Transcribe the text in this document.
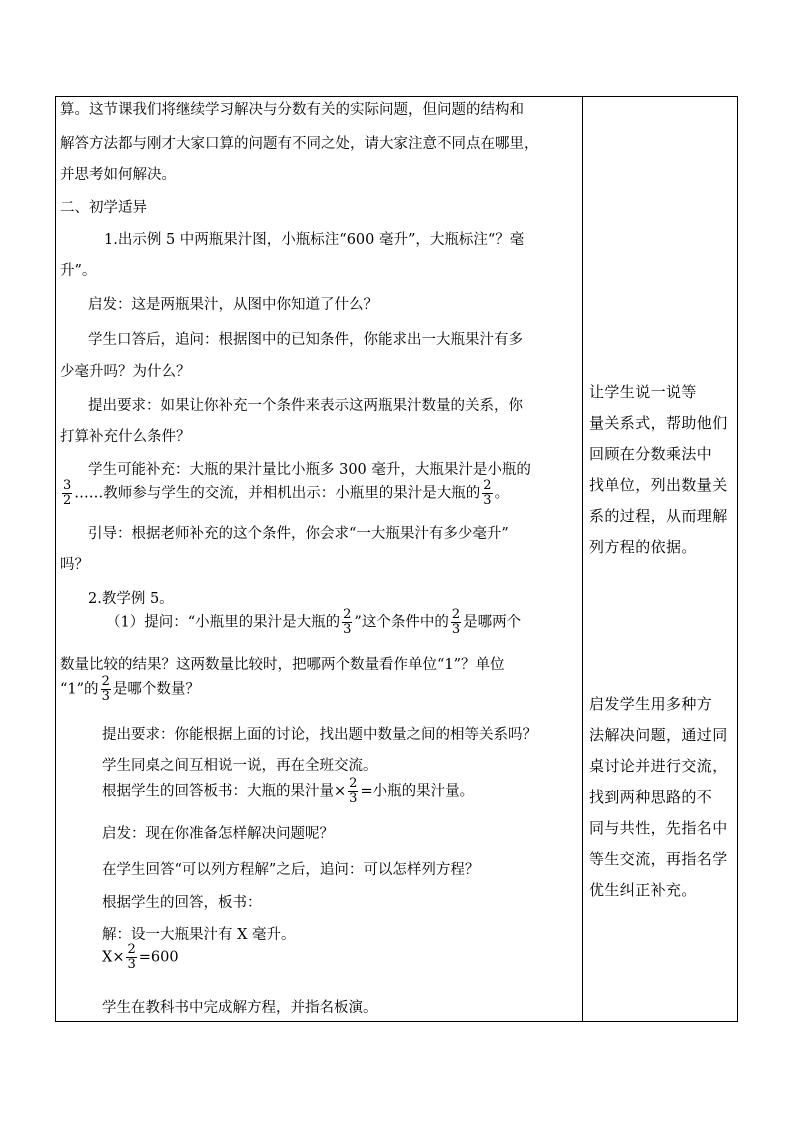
算。这节课我们将继续学习解决与分数有关的实际问题，但问题的结构和
解答方法都与刚才大家口算的问题有不同之处，请大家注意不同点在哪里，
并思考如何解决。
二、初学适异
1.出示例 5 中两瓶果汁图，小瓶标注“600 毫升”，大瓶标注“？毫
升”。
启发：这是两瓶果汁，从图中你知道了什么？
学生口答后，追问：根据图中的已知条件，你能求出一大瓶果汁有多
少毫升吗？为什么？
提出要求：如果让你补充一个条件来表示这两瓶果汁数量的关系，你
打算补充什么条件？
学生可能补充：大瓶的果汁量比小瓶多 300 毫升，大瓶果汁是小瓶的
$\frac{3}{2}$ ……教师参与学生的交流，并相机出示：小瓶里的果汁是大瓶的 $\frac{2}{3}$ 。
引导：根据老师补充的这个条件，你会求“一大瓶果汁有多少毫升”
吗？
2.教学例 5。
（1）提问：“小瓶里的果汁是大瓶的 $\frac{2}{3}$ ”这个条件中的 $\frac{2}{3}$ 是哪两个
数量比较的结果？这两数量比较时，把哪两个数量看作单位“1”？单位
“1”的 $\frac{2}{3}$ 是哪个数量？
提出要求：你能根据上面的讨论，找出题中数量之间的相等关系吗？
学生同桌之间互相说一说，再在全班交流。
根据学生的回答板书：大瓶的果汁量× $\frac{2}{3}$ =小瓶的果汁量。
启发：现在你准备怎样解决问题呢？
在学生回答“可以列方程解”之后，追问：可以怎样列方程？
根据学生的回答，板书：
解：设一大瓶果汁有 X 毫升。
$X\times \frac{2}{3} =600$
学生在教科书中完成解方程，并指名板演。
让学生说一说等
量关系式，帮助他们
回顾在分数乘法中
找单位，列出数量关
系的过程，从而理解
列方程的依据。
启发学生用多种方
法解决问题，通过同
桌讨论并进行交流，
找到两种思路的不
同与共性，先指名中
等生交流，再指名学
优生纠正补充。
